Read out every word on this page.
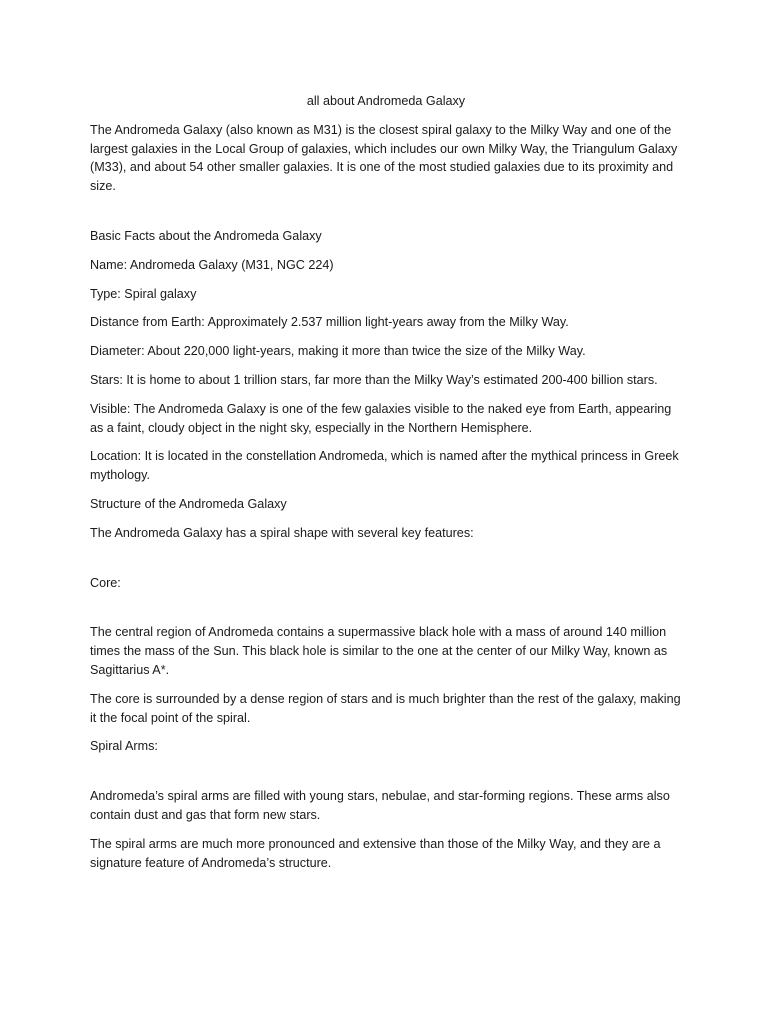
all about Andromeda Galaxy

The Andromeda Galaxy (also known as M31) is the closest spiral galaxy to the Milky Way and one of the largest galaxies in the Local Group of galaxies, which includes our own Milky Way, the Triangulum Galaxy (M33), and about 54 other smaller galaxies. It is one of the most studied galaxies due to its proximity and size.

Basic Facts about the Andromeda Galaxy

Name: Andromeda Galaxy (M31, NGC 224)

Type: Spiral galaxy

Distance from Earth: Approximately 2.537 million light-years away from the Milky Way.

Diameter: About 220,000 light-years, making it more than twice the size of the Milky Way.

Stars: It is home to about 1 trillion stars, far more than the Milky Way’s estimated 200-400 billion stars.

Visible: The Andromeda Galaxy is one of the few galaxies visible to the naked eye from Earth, appearing as a faint, cloudy object in the night sky, especially in the Northern Hemisphere.

Location: It is located in the constellation Andromeda, which is named after the mythical princess in Greek mythology.

Structure of the Andromeda Galaxy

The Andromeda Galaxy has a spiral shape with several key features:

Core:

The central region of Andromeda contains a supermassive black hole with a mass of around 140 million times the mass of the Sun. This black hole is similar to the one at the center of our Milky Way, known as Sagittarius A*.

The core is surrounded by a dense region of stars and is much brighter than the rest of the galaxy, making it the focal point of the spiral.

Spiral Arms:

Andromeda’s spiral arms are filled with young stars, nebulae, and star-forming regions. These arms also contain dust and gas that form new stars.

The spiral arms are much more pronounced and extensive than those of the Milky Way, and they are a signature feature of Andromeda’s structure.
